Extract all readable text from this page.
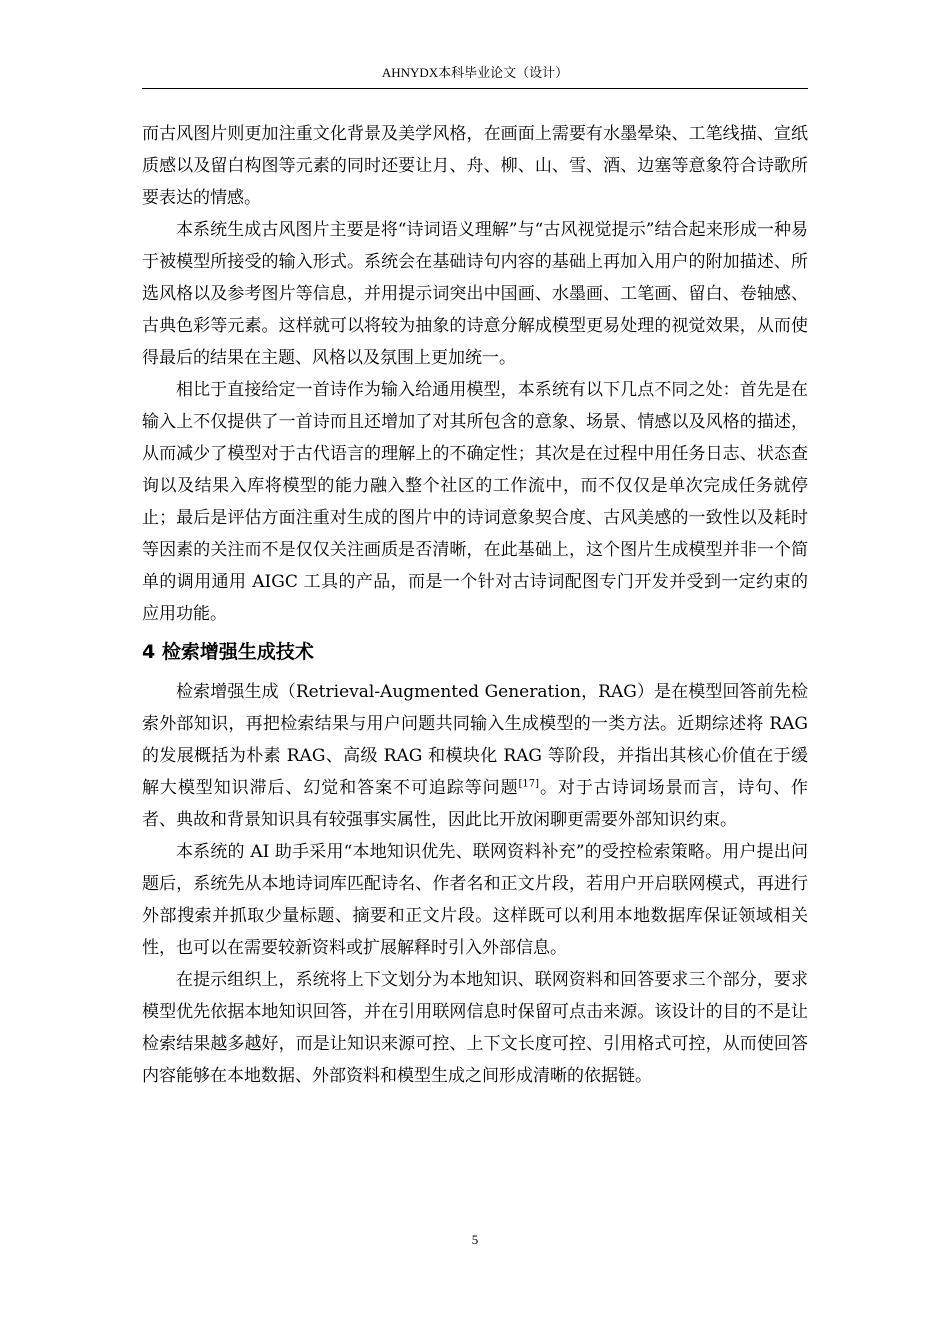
AHNYDX本科毕业论文（设计）

而古风图片则更加注重文化背景及美学风格，在画面上需要有水墨晕染、工笔线描、宣纸质感以及留白构图等元素的同时还要让月、舟、柳、山、雪、酒、边塞等意象符合诗歌所要表达的情感。

本系统生成古风图片主要是将“诗词语义理解”与“古风视觉提示”结合起来形成一种易于被模型所接受的输入形式。系统会在基础诗句内容的基础上再加入用户的附加描述、所选风格以及参考图片等信息，并用提示词突出中国画、水墨画、工笔画、留白、卷轴感、古典色彩等元素。这样就可以将较为抽象的诗意分解成模型更易处理的视觉效果，从而使得最后的结果在主题、风格以及氛围上更加统一。

相比于直接给定一首诗作为输入给通用模型，本系统有以下几点不同之处：首先是在输入上不仅提供了一首诗而且还增加了对其所包含的意象、场景、情感以及风格的描述，从而减少了模型对于古代语言的理解上的不确定性；其次是在过程中用任务日志、状态查询以及结果入库将模型的能力融入整个社区的工作流中，而不仅仅是单次完成任务就停止；最后是评估方面注重对生成的图片中的诗词意象契合度、古风美感的一致性以及耗时等因素的关注而不是仅仅关注画质是否清晰，在此基础上，这个图片生成模型并非一个简单的调用通用 AIGC 工具的产品，而是一个针对古诗词配图专门开发并受到一定约束的应用功能。

4 检索增强生成技术

检索增强生成（Retrieval-Augmented Generation，RAG）是在模型回答前先检索外部知识，再把检索结果与用户问题共同输入生成模型的一类方法。近期综述将 RAG 的发展概括为朴素 RAG、高级 RAG 和模块化 RAG 等阶段，并指出其核心价值在于缓解大模型知识滞后、幻觉和答案不可追踪等问题[17]。对于古诗词场景而言，诗句、作者、典故和背景知识具有较强事实属性，因此比开放闲聊更需要外部知识约束。

本系统的 AI 助手采用“本地知识优先、联网资料补充”的受控检索策略。用户提出问题后，系统先从本地诗词库匹配诗名、作者名和正文片段，若用户开启联网模式，再进行外部搜索并抓取少量标题、摘要和正文片段。这样既可以利用本地数据库保证领域相关性，也可以在需要较新资料或扩展解释时引入外部信息。

在提示组织上，系统将上下文划分为本地知识、联网资料和回答要求三个部分，要求模型优先依据本地知识回答，并在引用联网信息时保留可点击来源。该设计的目的不是让检索结果越多越好，而是让知识来源可控、上下文长度可控、引用格式可控，从而使回答内容能够在本地数据、外部资料和模型生成之间形成清晰的依据链。

5
